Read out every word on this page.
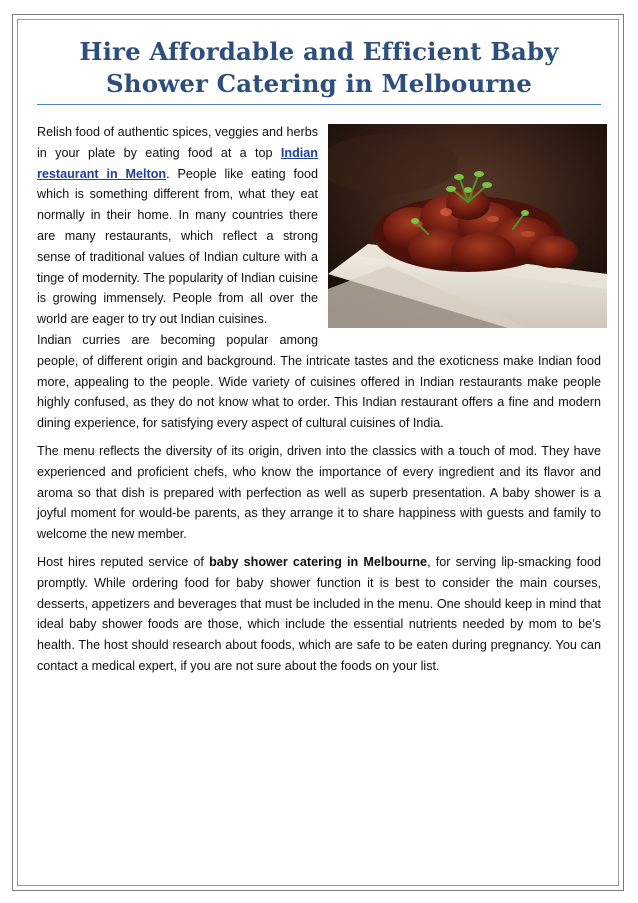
Hire Affordable and Efficient Baby Shower Catering in Melbourne

Relish food of authentic spices, veggies and herbs in your plate by eating food at a top Indian restaurant in Melton. People like eating food which is something different from, what they eat normally in their home. In many countries there are many restaurants, which reflect a strong sense of traditional values of Indian culture with a tinge of modernity. The popularity of Indian cuisine is growing immensely. People from all over the world are eager to try out Indian cuisines.

Indian curries are becoming popular among people, of different origin and background. The intricate tastes and the exoticness make Indian food more, appealing to the people. Wide variety of cuisines offered in Indian restaurants make people highly confused, as they do not know what to order. This Indian restaurant offers a fine and modern dining experience, for satisfying every aspect of cultural cuisines of India.

The menu reflects the diversity of its origin, driven into the classics with a touch of mod. They have experienced and proficient chefs, who know the importance of every ingredient and its flavor and aroma so that dish is prepared with perfection as well as superb presentation. A baby shower is a joyful moment for would-be parents, as they arrange it to share happiness with guests and family to welcome the new member.

Host hires reputed service of baby shower catering in Melbourne, for serving lip-smacking food promptly. While ordering food for baby shower function it is best to consider the main courses, desserts, appetizers and beverages that must be included in the menu. One should keep in mind that ideal baby shower foods are those, which include the essential nutrients needed by mom to be’s health. The host should research about foods, which are safe to be eaten during pregnancy. You can contact a medical expert, if you are not sure about the foods on your list.
